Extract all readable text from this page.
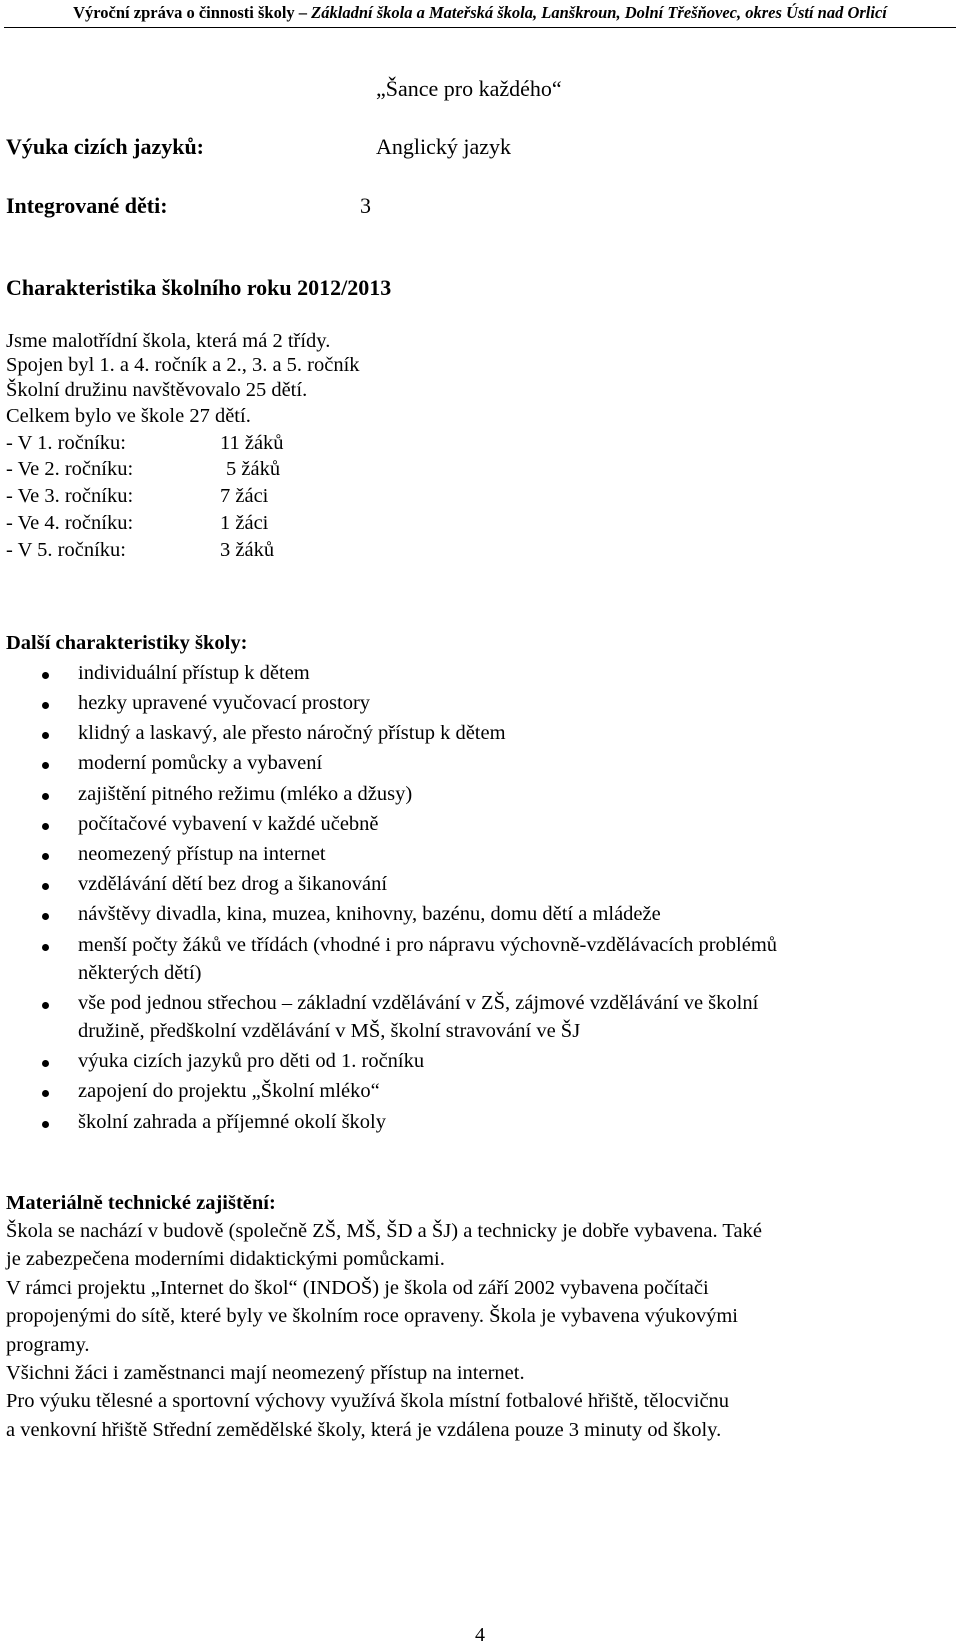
Výroční zpráva o činnosti školy – Základní škola a Mateřská škola, Lanškroun, Dolní Třešňovec, okres Ústí nad Orlicí
„Šance pro každého“
Výuka cizích jazyků:	Anglický jazyk
Integrované děti:	3
Charakteristika školního roku 2012/2013
Jsme malotřídní škola, která má 2 třídy.
Spojen byl 1. a 4. ročník a 2., 3. a 5. ročník
Školní družinu navštěvovalo 25 dětí.
Celkem bylo ve škole 27 dětí.
- V 1. ročníku:	11 žáků
- Ve 2. ročníku:	5 žáků
- Ve 3. ročníku:	7 žáci
- Ve 4. ročníku:	1 žáci
- V 5. ročníku:	3 žáků
Další charakteristiky školy:
individuální přístup k dětem
hezky upravené vyučovací prostory
klidný a laskavý, ale přesto náročný přístup k dětem
moderní pomůcky a vybavení
zajištění pitného režimu (mléko a džusy)
počítačové vybavení v každé učebně
neomezený přístup na internet
vzdělávání dětí bez drog a šikanování
návštěvy divadla, kina, muzea, knihovny, bazénu, domu dětí a mládeže
menší počty žáků ve třídách (vhodné i pro nápravu výchovně-vzdělávacích problémů
některých dětí)
vše pod jednou střechou – základní vzdělávání v ZŠ, zájmové vzdělávání ve školní
družině, předškolní vzdělávání v MŠ, školní stravování ve ŠJ
výuka cizích jazyků pro děti od 1. ročníku
zapojení do projektu „Školní mléko“
školní zahrada a příjemné okolí školy
Materiálně technické zajištění:
Škola se nachází v budově (společně ZŠ, MŠ, ŠD a ŠJ) a technicky je dobře vybavena. Také
je zabezpečena moderními didaktickými pomůckami.
V rámci projektu „Internet do škol“ (INDOŠ) je škola od září 2002 vybavena počítači
propojenými do sítě, které byly ve školním roce opraveny. Škola je vybavena výukovými
programy.
Všichni žáci i zaměstnanci mají neomezený přístup na internet.
Pro výuku tělesné a sportovní výchovy využívá škola místní fotbalové hřiště, tělocvičnu
a venkovní hřiště Střední zemědělské školy, která je vzdálena pouze 3 minuty od školy.
4
